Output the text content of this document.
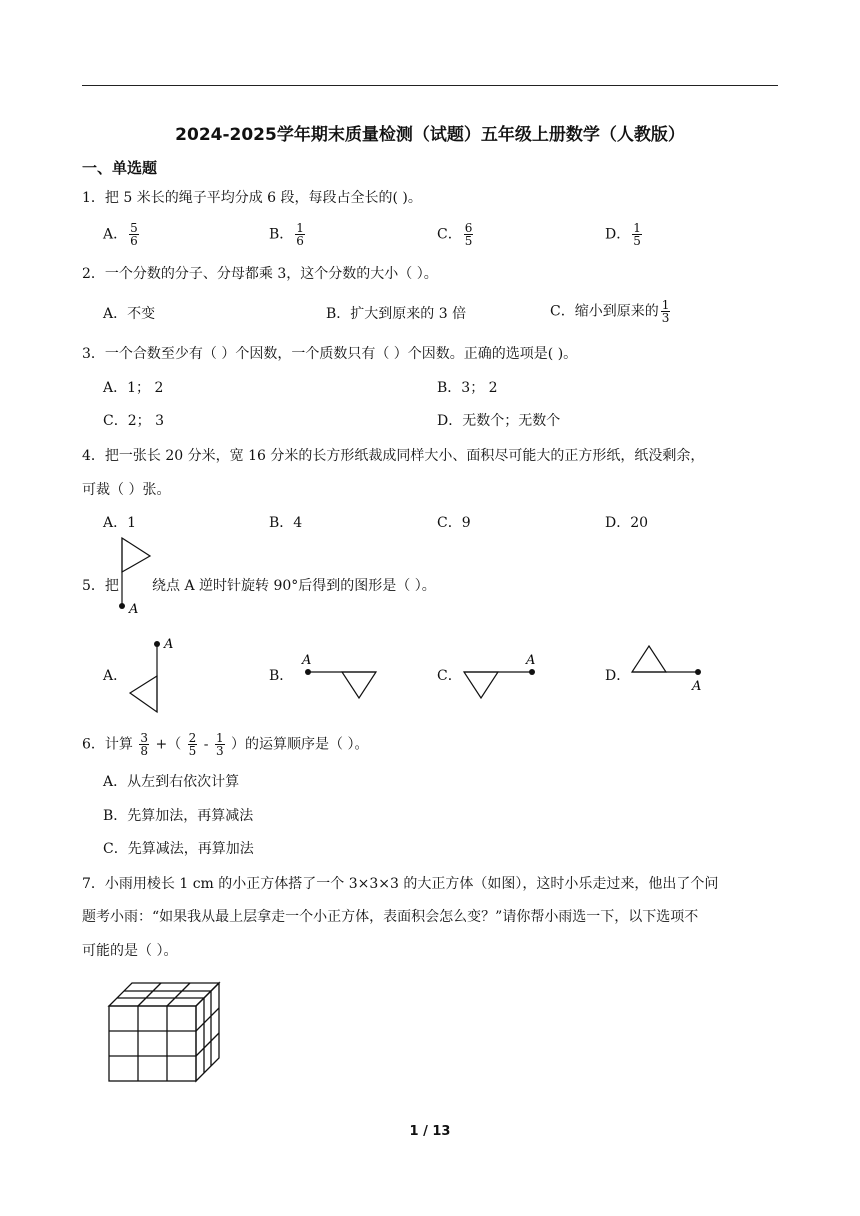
2024-2025学年期末质量检测（试题）五年级上册数学（人教版）
一、单选题
1．把 5 米长的绳子平均分成 6 段，每段占全长的( )。
A． $\frac{5}{6}$	B． $\frac{1}{6}$	C． $\frac{6}{5}$	D． $\frac{1}{5}$
2．一个分数的分子、分母都乘 3，这个分数的大小（ ）。
A．不变	B．扩大到原来的 3 倍	C．缩小到原来的 $\frac{1}{3}$
3．一个合数至少有（ ）个因数，一个质数只有（ ）个因数。正确的选项是( )。
A．1； 2	B．3； 2
C．2； 3	D．无数个；无数个
4．把一张长 20 分米，宽 16 分米的长方形纸裁成同样大小、面积尽可能大的正方形纸，纸没剩余，
可裁（ ）张。
A．1	B．4	C．9	D．20
5．把
A
绕点 A 逆时针旋转 90°后得到的图形是（ ）。
A．
A
B．
A
C．
A
D．
A
6．计算 $\frac{3}{8}$ +（ $\frac{2}{5} - \frac{1}{3}$ ）的运算顺序是（ ）。
A．从左到右依次计算
B．先算加法，再算减法
C．先算减法，再算加法
7．小雨用棱长 1 cm 的小正方体搭了一个 3×3×3 的大正方体（如图），这时小乐走过来，他出了个问
题考小雨：“如果我从最上层拿走一个小正方体，表面积会怎么变？”请你帮小雨选一下，以下选项不
可能的是（ ）。
1 / 13
